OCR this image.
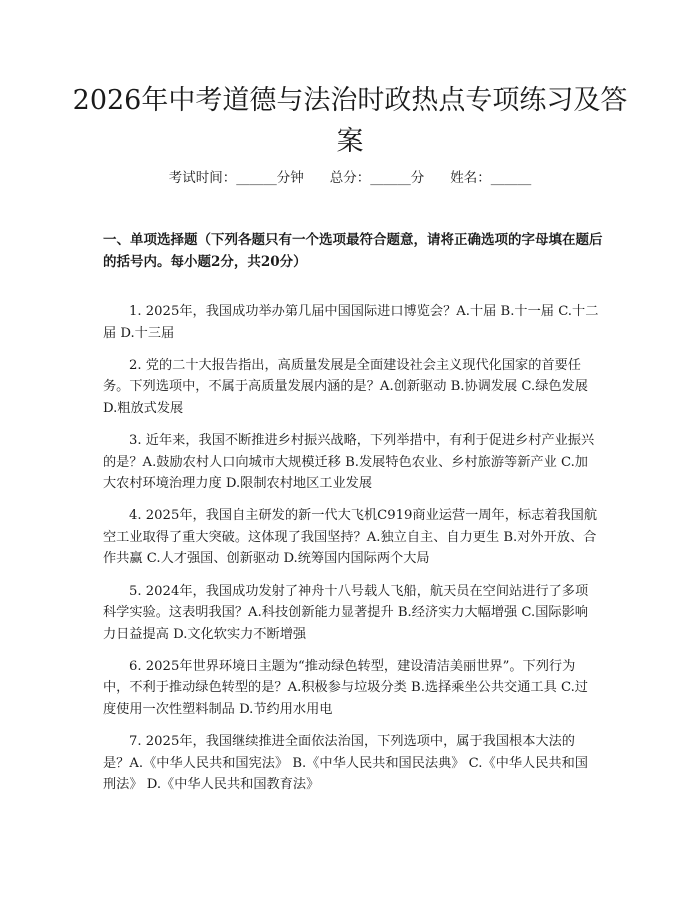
2026年中考道德与法治时政热点专项练习及答案
考试时间：______分钟 总分：______分 姓名：______

一、单项选择题（下列各题只有一个选项最符合题意，请将正确选项的字母填在题后的括号内。每小题2分，共20分）

1. 2025年，我国成功举办第几届中国国际进口博览会？A.十届 B.十一届 C.十二届 D.十三届

2. 党的二十大报告指出，高质量发展是全面建设社会主义现代化国家的首要任务。下列选项中，不属于高质量发展内涵的是？A.创新驱动 B.协调发展 C.绿色发展 D.粗放式发展

3. 近年来，我国不断推进乡村振兴战略，下列举措中，有利于促进乡村产业振兴的是？A.鼓励农村人口向城市大规模迁移 B.发展特色农业、乡村旅游等新产业 C.加大农村环境治理力度 D.限制农村地区工业发展

4. 2025年，我国自主研发的新一代大飞机C919商业运营一周年，标志着我国航空工业取得了重大突破。这体现了我国坚持？A.独立自主、自力更生 B.对外开放、合作共赢 C.人才强国、创新驱动 D.统筹国内国际两个大局

5. 2024年，我国成功发射了神舟十八号载人飞船，航天员在空间站进行了多项科学实验。这表明我国？A.科技创新能力显著提升 B.经济实力大幅增强 C.国际影响力日益提高 D.文化软实力不断增强

6. 2025年世界环境日主题为“推动绿色转型，建设清洁美丽世界”。下列行为中，不利于推动绿色转型的是？A.积极参与垃圾分类 B.选择乘坐公共交通工具 C.过度使用一次性塑料制品 D.节约用水用电

7. 2025年，我国继续推进全面依法治国，下列选项中，属于我国根本大法的是？A.《中华人民共和国宪法》 B.《中华人民共和国民法典》 C.《中华人民共和国刑法》 D.《中华人民共和国教育法》
